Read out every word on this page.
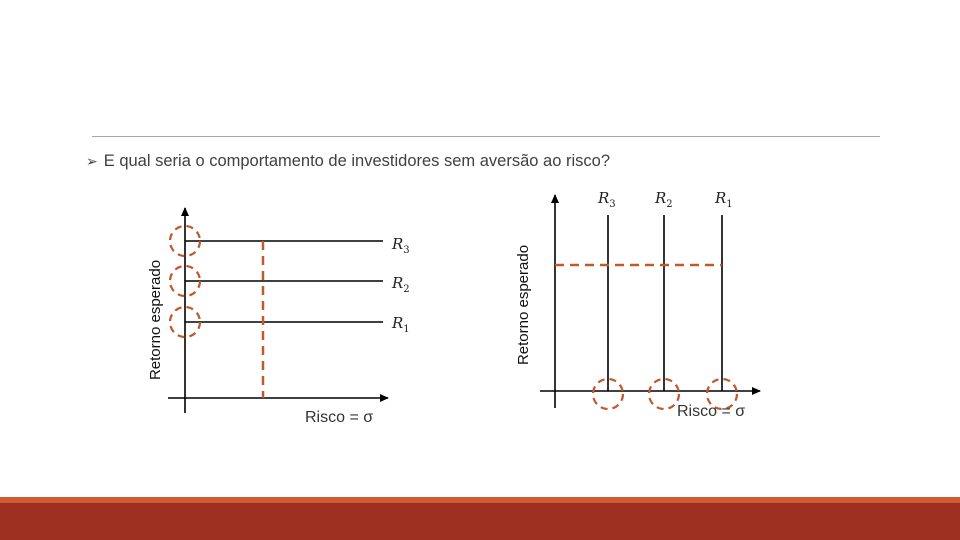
➢ E qual seria o comportamento de investidores sem aversão ao risco?
$R_3$
$R_2$
$R_1$
Retorno esperado
Risco = σ
$R_3$	$R_2$	$R_1$
Retorno esperado
Risco = σ
